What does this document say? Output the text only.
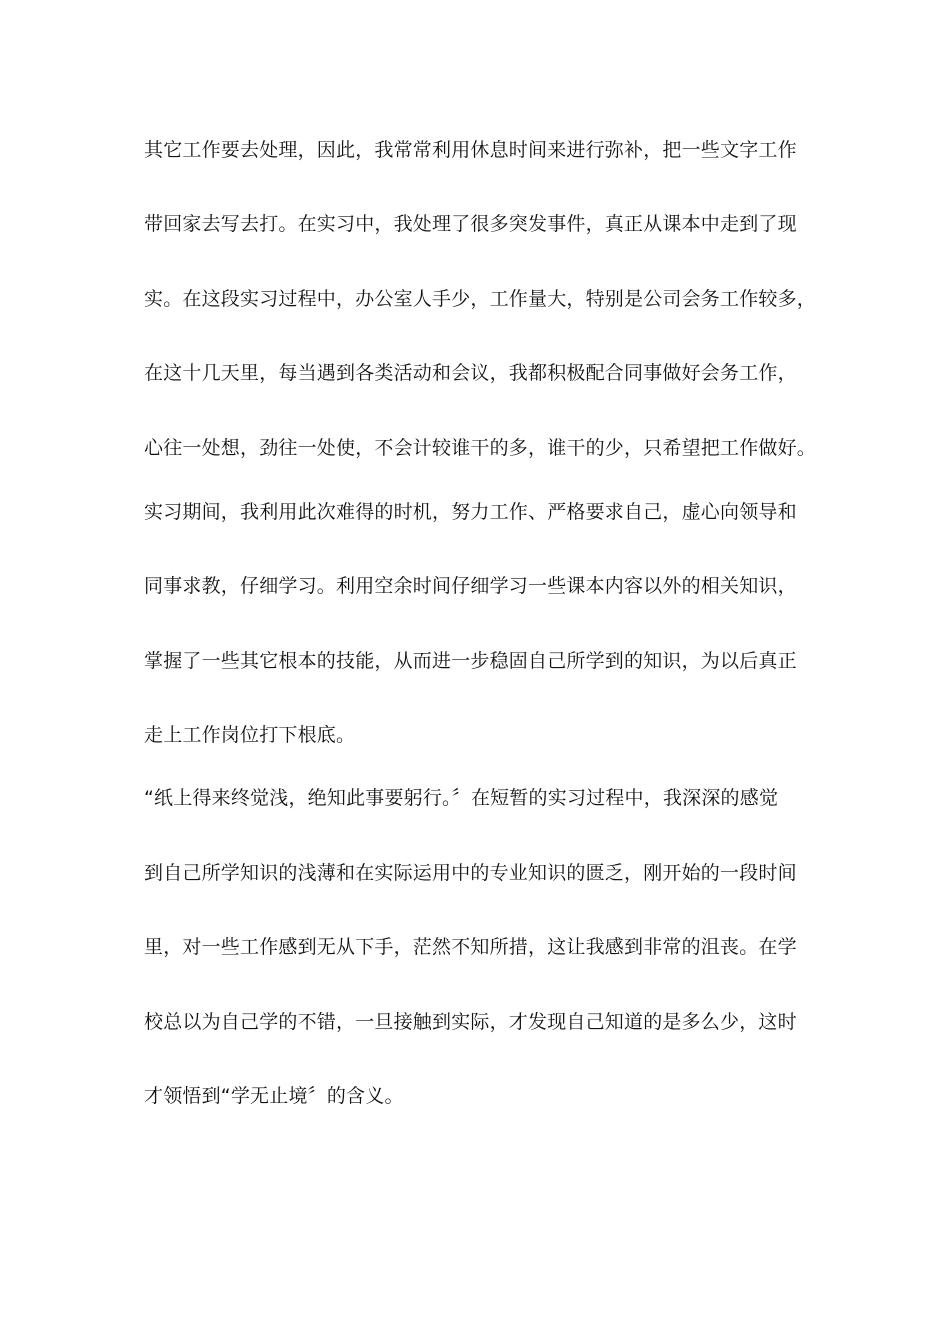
其它工作要去处理，因此，我常常利用休息时间来进行弥补，把一些文字工作
带回家去写去打。在实习中，我处理了很多突发事件，真正从课本中走到了现
实。在这段实习过程中，办公室人手少，工作量大，特别是公司会务工作较多，
在这十几天里，每当遇到各类活动和会议，我都积极配合同事做好会务工作，
心往一处想，劲往一处使，不会计较谁干的多，谁干的少，只希望把工作做好。
实习期间，我利用此次难得的时机，努力工作、严格要求自己，虚心向领导和
同事求教，仔细学习。利用空余时间仔细学习一些课本内容以外的相关知识，
掌握了一些其它根本的技能，从而进一步稳固自己所学到的知识，为以后真正
走上工作岗位打下根底。
“纸上得来终觉浅，绝知此事要躬行。〞在短暂的实习过程中，我深深的感觉
到自己所学知识的浅薄和在实际运用中的专业知识的匮乏，刚开始的一段时间
里，对一些工作感到无从下手，茫然不知所措，这让我感到非常的沮丧。在学
校总以为自己学的不错，一旦接触到实际，才发现自己知道的是多么少，这时
才领悟到“学无止境〞的含义。
